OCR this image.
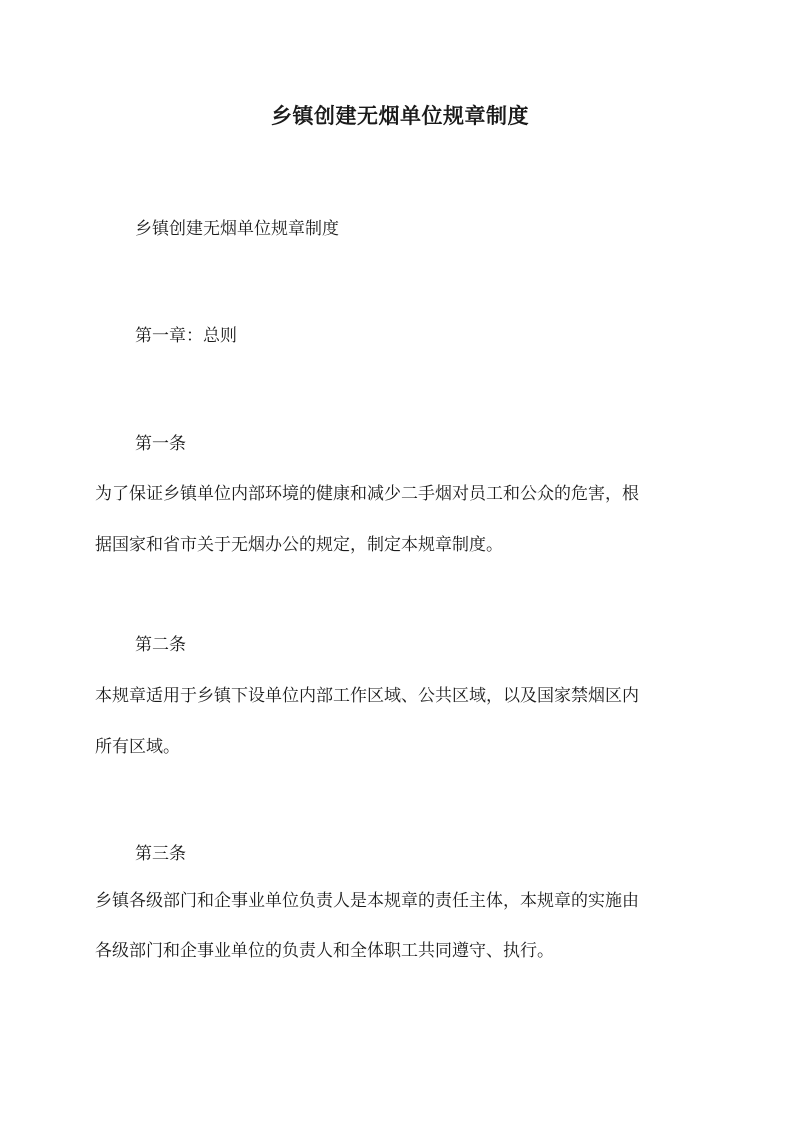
乡镇创建无烟单位规章制度
乡镇创建无烟单位规章制度
第一章：总则
第一条
为了保证乡镇单位内部环境的健康和减少二手烟对员工和公众的危害，根
据国家和省市关于无烟办公的规定，制定本规章制度。
第二条
本规章适用于乡镇下设单位内部工作区域、公共区域，以及国家禁烟区内
所有区域。
第三条
乡镇各级部门和企事业单位负责人是本规章的责任主体，本规章的实施由
各级部门和企事业单位的负责人和全体职工共同遵守、执行。
